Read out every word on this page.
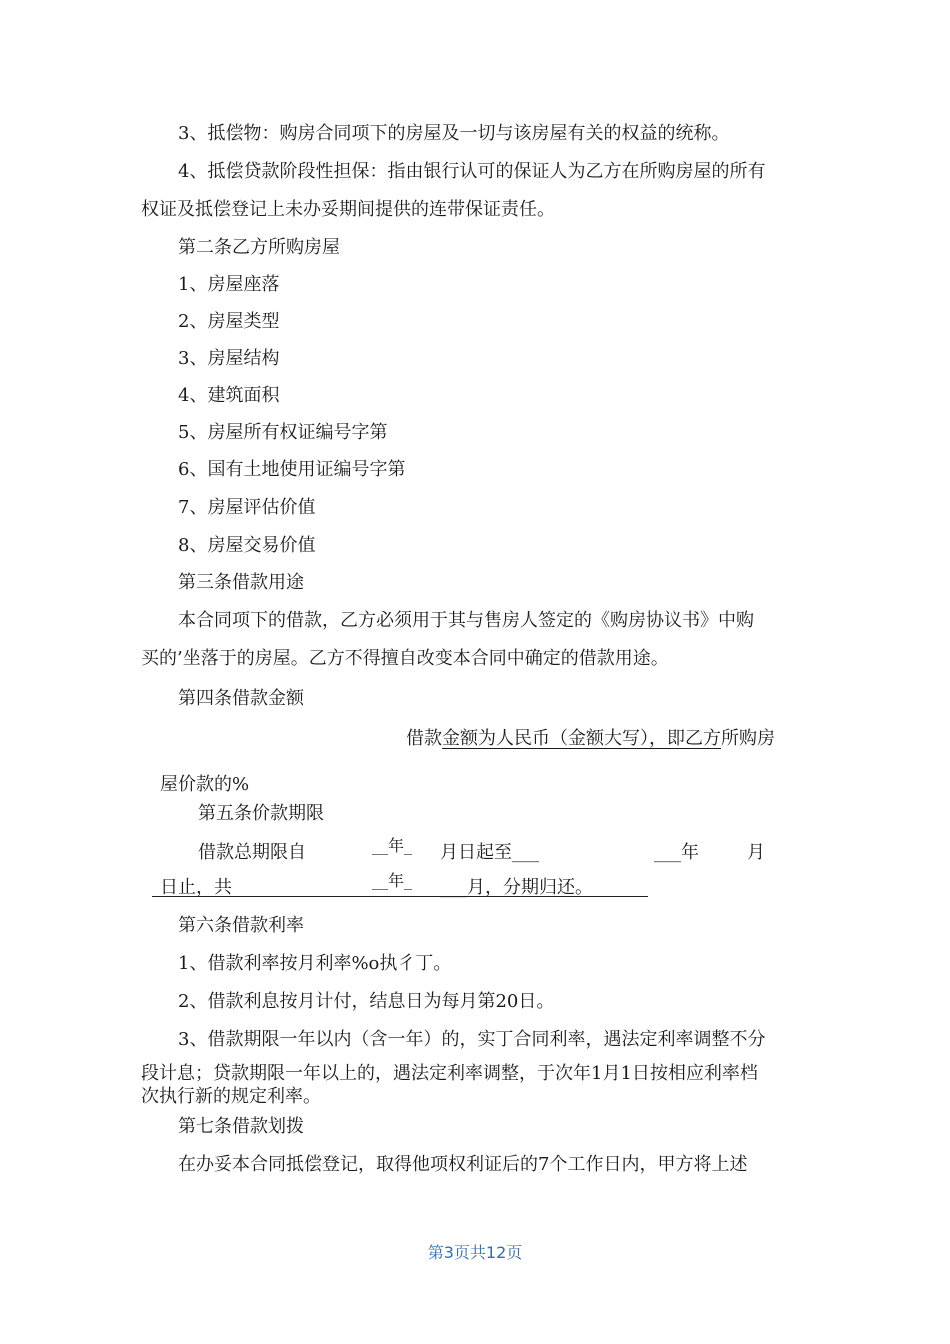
3、抵偿物：购房合同项下的房屋及一切与该房屋有关的权益的统称。
4、抵偿贷款阶段性担保：指由银行认可的保证人为乙方在所购房屋的所有
权证及抵偿登记上未办妥期间提供的连带保证责任。
第二条乙方所购房屋
1、房屋座落
2、房屋类型
3、房屋结构
4、建筑面积
5、房屋所有权证编号字第
6、国有土地使用证编号字第
7、房屋评估价值
8、房屋交易价值
第三条借款用途
本合同项下的借款，乙方必须用于其与售房人签定的《购房协议书》中购
买的’坐落于的房屋。乙方不得擅自改变本合同中确定的借款用途。
第四条借款金额
借款金额为人民币（金额大写），即乙方所购房
屋价款的%
第五条价款期限
借款总期限自	__年_ 月日起至___	___年	月
日止，共	__年_ ___月，分期归还。
第六条借款利率
1、借款利率按月利率%o执彳丁。
2、借款利息按月计付，结息日为每月第20日。
3、借款期限一年以内（含一年）的，实丁合同利率，遇法定利率调整不分
段计息；贷款期限一年以上的，遇法定利率调整，于次年1月1日按相应利率档
次执行新的规定利率。
第七条借款划拨
在办妥本合同抵偿登记，取得他项权利证后的7个工作日内，甲方将上述
第3页共12页
